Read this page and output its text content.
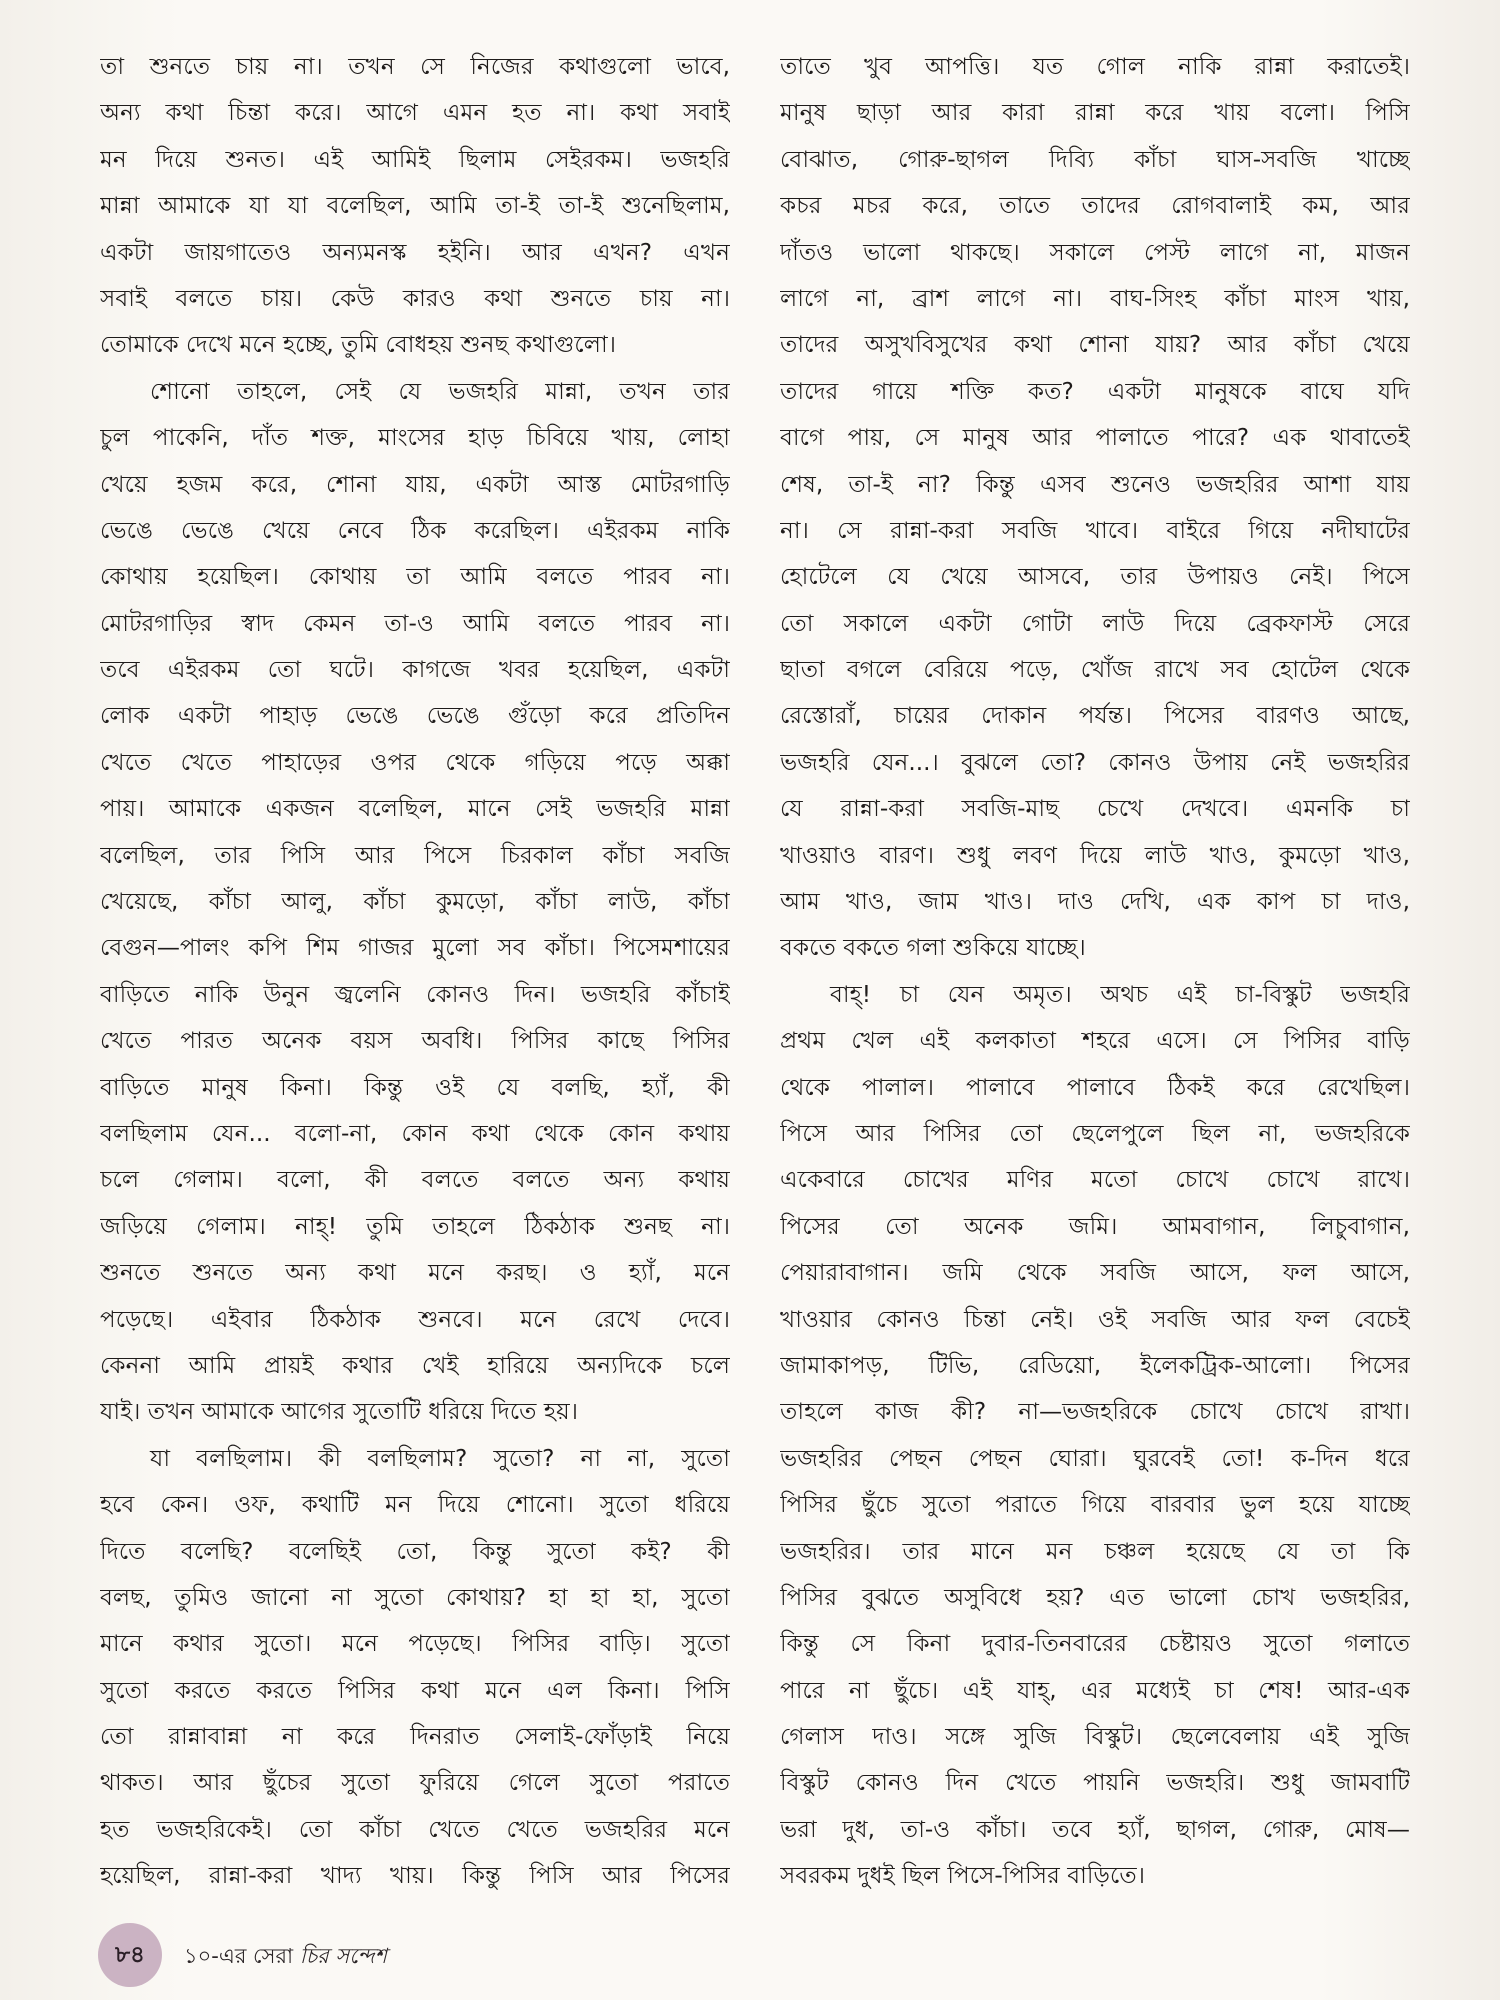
তা শুনতে চায় না। তখন সে নিজের কথাগুলো ভাবে,
অন্য কথা চিন্তা করে। আগে এমন হত না। কথা সবাই
মন দিয়ে শুনত। এই আমিই ছিলাম সেইরকম। ভজহরি
মান্না আমাকে যা যা বলেছিল, আমি তা-ই তা-ই শুনেছিলাম,
একটা জায়গাতেও অন্যমনস্ক হইনি। আর এখন? এখন
সবাই বলতে চায়। কেউ কারও কথা শুনতে চায় না।
তোমাকে দেখে মনে হচ্ছে, তুমি বোধহয় শুনছ কথাগুলো।
শোনো তাহলে, সেই যে ভজহরি মান্না, তখন তার
চুল পাকেনি, দাঁত শক্ত, মাংসের হাড় চিবিয়ে খায়, লোহা
খেয়ে হজম করে, শোনা যায়, একটা আস্ত মোটরগাড়ি
ভেঙে ভেঙে খেয়ে নেবে ঠিক করেছিল। এইরকম নাকি
কোথায় হয়েছিল। কোথায় তা আমি বলতে পারব না।
মোটরগাড়ির স্বাদ কেমন তা-ও আমি বলতে পারব না।
তবে এইরকম তো ঘটে। কাগজে খবর হয়েছিল, একটা
লোক একটা পাহাড় ভেঙে ভেঙে গুঁড়ো করে প্রতিদিন
খেতে খেতে পাহাড়ের ওপর থেকে গড়িয়ে পড়ে অক্কা
পায়। আমাকে একজন বলেছিল, মানে সেই ভজহরি মান্না
বলেছিল, তার পিসি আর পিসে চিরকাল কাঁচা সবজি
খেয়েছে, কাঁচা আলু, কাঁচা কুমড়ো, কাঁচা লাউ, কাঁচা
বেগুন—পালং কপি শিম গাজর মুলো সব কাঁচা। পিসেমশায়ের
বাড়িতে নাকি উনুন জ্বলেনি কোনও দিন। ভজহরি কাঁচাই
খেতে পারত অনেক বয়স অবধি। পিসির কাছে পিসির
বাড়িতে মানুষ কিনা। কিন্তু ওই যে বলছি, হ্যাঁ, কী
বলছিলাম যেন... বলো-না, কোন কথা থেকে কোন কথায়
চলে গেলাম। বলো, কী বলতে বলতে অন্য কথায়
জড়িয়ে গেলাম। নাহ্‌! তুমি তাহলে ঠিকঠাক শুনছ না।
শুনতে শুনতে অন্য কথা মনে করছ। ও হ্যাঁ, মনে
পড়েছে। এইবার ঠিকঠাক শুনবে। মনে রেখে দেবে।
কেননা আমি প্রায়ই কথার খেই হারিয়ে অন্যদিকে চলে
যাই। তখন আমাকে আগের সুতোটি ধরিয়ে দিতে হয়।
যা বলছিলাম। কী বলছিলাম? সুতো? না না, সুতো
হবে কেন। ওফ, কথাটি মন দিয়ে শোনো। সুতো ধরিয়ে
দিতে বলেছি? বলেছিই তো, কিন্তু সুতো কই? কী
বলছ, তুমিও জানো না সুতো কোথায়? হা হা হা, সুতো
মানে কথার সুতো। মনে পড়েছে। পিসির বাড়ি। সুতো
সুতো করতে করতে পিসির কথা মনে এল কিনা। পিসি
তো রান্নাবান্না না করে দিনরাত সেলাই-ফোঁড়াই নিয়ে
থাকত। আর ছুঁচের সুতো ফুরিয়ে গেলে সুতো পরাতে
হত ভজহরিকেই। তো কাঁচা খেতে খেতে ভজহরির মনে
হয়েছিল, রান্না-করা খাদ্য খায়। কিন্তু পিসি আর পিসের
তাতে খুব আপত্তি। যত গোল নাকি রান্না করাতেই।
মানুষ ছাড়া আর কারা রান্না করে খায় বলো। পিসি
বোঝাত, গোরু-ছাগল দিব্যি কাঁচা ঘাস-সবজি খাচ্ছে
কচর মচর করে, তাতে তাদের রোগবালাই কম, আর
দাঁতও ভালো থাকছে। সকালে পেস্ট লাগে না, মাজন
লাগে না, ব্রাশ লাগে না। বাঘ-সিংহ কাঁচা মাংস খায়,
তাদের অসুখবিসুখের কথা শোনা যায়? আর কাঁচা খেয়ে
তাদের গায়ে শক্তি কত? একটা মানুষকে বাঘে যদি
বাগে পায়, সে মানুষ আর পালাতে পারে? এক থাবাতেই
শেষ, তা-ই না? কিন্তু এসব শুনেও ভজহরির আশা যায়
না। সে রান্না-করা সবজি খাবে। বাইরে গিয়ে নদীঘাটের
হোটেলে যে খেয়ে আসবে, তার উপায়ও নেই। পিসে
তো সকালে একটা গোটা লাউ দিয়ে ব্রেকফাস্ট সেরে
ছাতা বগলে বেরিয়ে পড়ে, খোঁজ রাখে সব হোটেল থেকে
রেস্তোরাঁ, চায়ের দোকান পর্যন্ত। পিসের বারণও আছে,
ভজহরি যেন...। বুঝলে তো? কোনও উপায় নেই ভজহরির
যে রান্না-করা সবজি-মাছ চেখে দেখবে। এমনকি চা
খাওয়াও বারণ। শুধু লবণ দিয়ে লাউ খাও, কুমড়ো খাও,
আম খাও, জাম খাও। দাও দেখি, এক কাপ চা দাও,
বকতে বকতে গলা শুকিয়ে যাচ্ছে।
বাহ্‌! চা যেন অমৃত। অথচ এই চা-বিস্কুট ভজহরি
প্রথম খেল এই কলকাতা শহরে এসে। সে পিসির বাড়ি
থেকে পালাল। পালাবে পালাবে ঠিকই করে রেখেছিল।
পিসে আর পিসির তো ছেলেপুলে ছিল না, ভজহরিকে
একেবারে চোখের মণির মতো চোখে চোখে রাখে।
পিসের তো অনেক জমি। আমবাগান, লিচুবাগান,
পেয়ারাবাগান। জমি থেকে সবজি আসে, ফল আসে,
খাওয়ার কোনও চিন্তা নেই। ওই সবজি আর ফল বেচেই
জামাকাপড়, টিভি, রেডিয়ো, ইলেকট্রিক-আলো। পিসের
তাহলে কাজ কী? না—ভজহরিকে চোখে চোখে রাখা।
ভজহরির পেছন পেছন ঘোরা। ঘুরবেই তো! ক-দিন ধরে
পিসির ছুঁচে সুতো পরাতে গিয়ে বারবার ভুল হয়ে যাচ্ছে
ভজহরির। তার মানে মন চঞ্চল হয়েছে যে তা কি
পিসির বুঝতে অসুবিধে হয়? এত ভালো চোখ ভজহরির,
কিন্তু সে কিনা দুবার-তিনবারের চেষ্টায়ও সুতো গলাতে
পারে না ছুঁচে। এই যাহ্‌, এর মধ্যেই চা শেষ! আর-এক
গেলাস দাও। সঙ্গে সুজি বিস্কুট। ছেলেবেলায় এই সুজি
বিস্কুট কোনও দিন খেতে পায়নি ভজহরি। শুধু জামবাটি
ভরা দুধ, তা-ও কাঁচা। তবে হ্যাঁ, ছাগল, গোরু, মোষ—
সবরকম দুধই ছিল পিসে-পিসির বাড়িতে।
৮৪	১০-এর সেরা চির সন্দেশ
